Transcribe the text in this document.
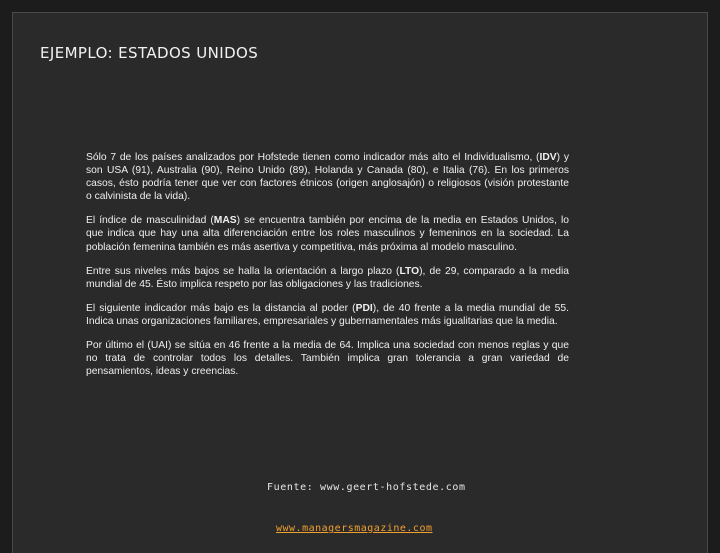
EJEMPLO: ESTADOS UNIDOS

Sólo 7 de los países analizados por Hofstede tienen como indicador más alto el Individualismo, (IDV) y son USA (91), Australia (90), Reino Unido (89), Holanda y Canada (80), e Italia (76). En los primeros casos, ésto podría tener que ver con factores étnicos (origen anglosajón) o religiosos (visión protestante o calvinista de la vida).

El índice de masculinidad (MAS) se encuentra también por encima de la media en Estados Unidos, lo que indica que hay una alta diferenciación entre los roles masculinos y femeninos en la sociedad. La población femenina también es más asertiva y competitiva, más próxima al modelo masculino.

Entre sus niveles más bajos se halla la orientación a largo plazo (LTO), de 29, comparado a la media mundial de 45. Ésto implica respeto por las obligaciones y las tradiciones.

El siguiente indicador más bajo es la distancia al poder (PDI), de 40 frente a la media mundial de 55. Indica unas organizaciones familiares, empresariales y gubernamentales más igualitarias que la media.

Por último el (UAI) se sitúa en 46 frente a la media de 64. Implica una sociedad con menos reglas y que no trata de controlar todos los detalles. También implica gran tolerancia a gran variedad de pensamientos, ideas y creencias.

Fuente: www.geert-hofstede.com
www.managersmagazine.com
